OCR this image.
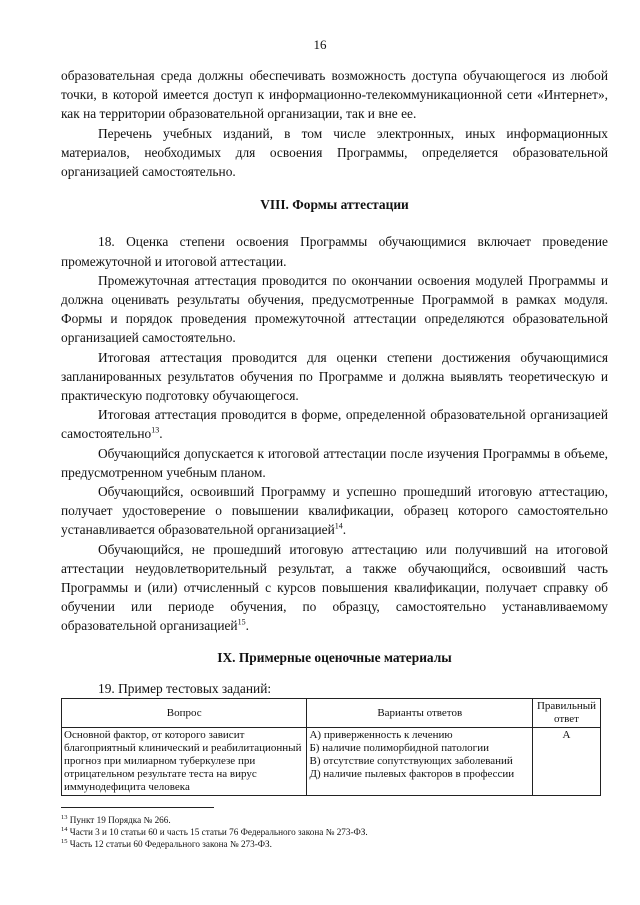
16

образовательная среда должны обеспечивать возможность доступа обучающегося из любой точки, в которой имеется доступ к информационно-телекоммуникационной сети «Интернет», как на территории образовательной организации, так и вне ее.

Перечень учебных изданий, в том числе электронных, иных информационных материалов, необходимых для освоения Программы, определяется образовательной организацией самостоятельно.

VIII. Формы аттестации

18. Оценка степени освоения Программы обучающимися включает проведение промежуточной и итоговой аттестации.

Промежуточная аттестация проводится по окончании освоения модулей Программы и должна оценивать результаты обучения, предусмотренные Программой в рамках модуля. Формы и порядок проведения промежуточной аттестации определяются образовательной организацией самостоятельно.

Итоговая аттестация проводится для оценки степени достижения обучающимися запланированных результатов обучения по Программе и должна выявлять теоретическую и практическую подготовку обучающегося.

Итоговая аттестация проводится в форме, определенной образовательной организацией самостоятельно$^{13}$.

Обучающийся допускается к итоговой аттестации после изучения Программы в объеме, предусмотренном учебным планом.

Обучающийся, освоивший Программу и успешно прошедший итоговую аттестацию, получает удостоверение о повышении квалификации, образец которого самостоятельно устанавливается образовательной организацией$^{14}$.

Обучающийся, не прошедший итоговую аттестацию или получивший на итоговой аттестации неудовлетворительный результат, а также обучающийся, освоивший часть Программы и (или) отчисленный с курсов повышения квалификации, получает справку об обучении или периоде обучения, по образцу, самостоятельно устанавливаемому образовательной организацией$^{15}$.

IX. Примерные оценочные материалы

19. Пример тестовых заданий:

Вопрос	Варианты ответов	Правильный ответ
Основной фактор, от которого зависит благоприятный клинический и реабилитационный прогноз при милиарном туберкулезе при отрицательном результате теста на вирус иммунодефицита человека	А) приверженность к лечению
Б) наличие полиморбидной патологии
В) отсутствие сопутствующих заболеваний
Д) наличие пылевых факторов в профессии	А
$^{13}$ Пункт 19 Порядка № 266.
$^{14}$ Части 3 и 10 статьи 60 и часть 15 статьи 76 Федерального закона № 273-ФЗ.
$^{15}$ Часть 12 статьи 60 Федерального закона № 273-ФЗ.
